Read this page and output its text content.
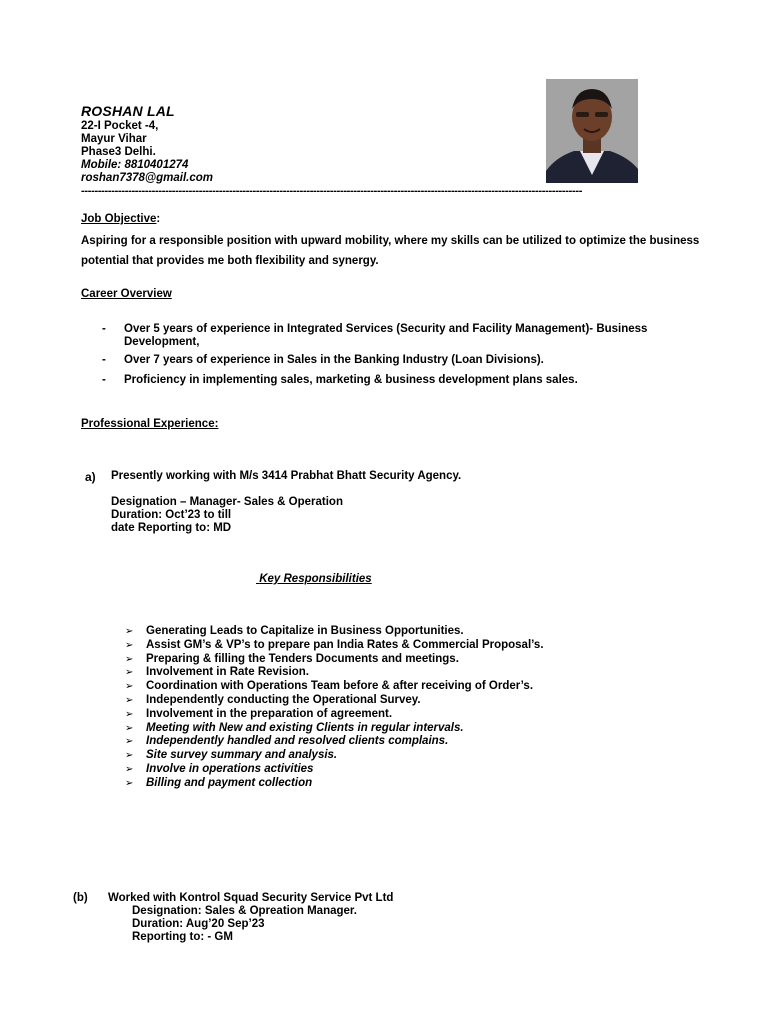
ROSHAN LAL
22-I Pocket -4,
Mayur Vihar
Phase3 Delhi.
Mobile: 8810401274
roshan7378@gmail.com
-----------------------------------------------------------------------------------------------------------------------------------------------------
Job Objective:
Aspiring for a responsible position with upward mobility, where my skills can be utilized to optimize the business potential that provides me both flexibility and synergy.
Career Overview
- Over 5 years of experience in Integrated Services (Security and Facility Management)- Business Development,
- Over 7 years of experience in Sales in the Banking Industry (Loan Divisions).
- Proficiency in implementing sales, marketing & business development plans sales.
Professional Experience:
a) Presently working with M/s 3414 Prabhat Bhatt Security Agency.
Designation – Manager- Sales & Operation
Duration: Oct’23 to till
date Reporting to: MD
Key Responsibilities
➢ Generating Leads to Capitalize in Business Opportunities.
➢ Assist GM’s & VP’s to prepare pan India Rates & Commercial Proposal’s.
➢ Preparing & filling the Tenders Documents and meetings.
➢ Involvement in Rate Revision.
➢ Coordination with Operations Team before & after receiving of Order’s.
➢ Independently conducting the Operational Survey.
➢ Involvement in the preparation of agreement.
➢ Meeting with New and existing Clients in regular intervals.
➢ Independently handled and resolved clients complains.
➢ Site survey summary and analysis.
➢ Involve in operations activities
➢ Billing and payment collection
(b) Worked with Kontrol Squad Security Service Pvt Ltd
Designation: Sales & Opreation Manager.
Duration: Aug’20 Sep’23
Reporting to: - GM
